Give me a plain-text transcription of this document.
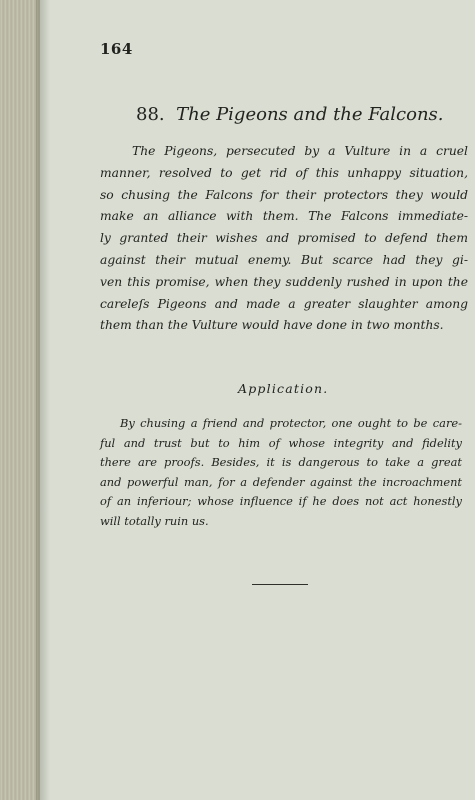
164
88. The Pigeons and the Falcons.
The Pigeons, persecuted by a Vulture in a cruel
manner, resolved to get rid of this unhappy situation,
so chusing the Falcons for their protectors they would
make an alliance with them. The Falcons immediate-
ly granted their wishes and promised to defend them
against their mutual enemy. But scarce had they gi-
ven this promise, when they suddenly rushed in upon the
careleſs Pigeons and made a greater slaughter among
them than the Vulture would have done in two months.
Application.
By chusing a friend and protector, one ought to be care-
ful and trust but to him of whose integrity and fidelity
there are proofs. Besides, it is dangerous to take a great
and powerful man, for a defender against the incroachment
of an inferiour; whose influence if he does not act honestly
will totally ruin us.
